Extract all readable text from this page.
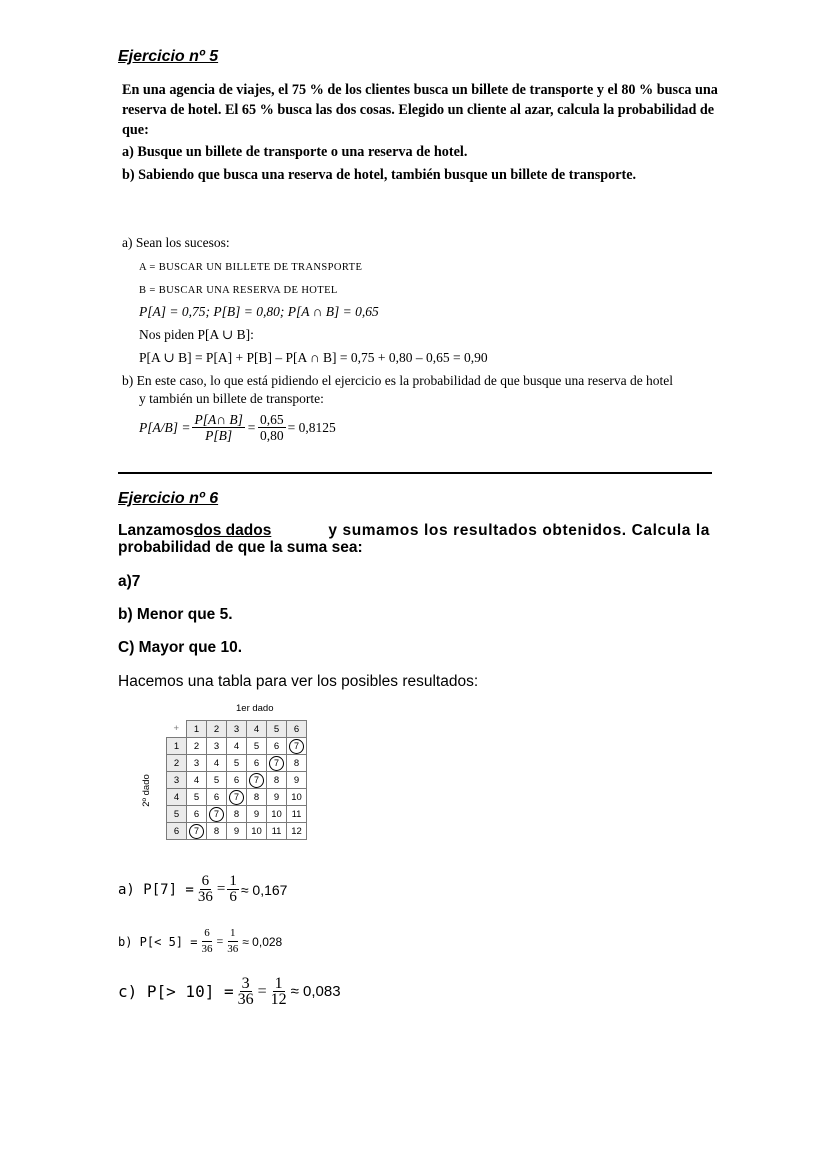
Ejercicio nº 5
En una agencia de viajes, el 75 % de los clientes busca un billete de transporte y el 80 % busca una
reserva de hotel. El 65 % busca las dos cosas. Elegido un cliente al azar, calcula la probabilidad de
que:
a) Busque un billete de transporte o una reserva de hotel.
b) Sabiendo que busca una reserva de hotel, también busque un billete de transporte.
a) Sean los sucesos:
A = BUSCAR UN BILLETE DE TRANSPORTE
B = BUSCAR UNA RESERVA DE HOTEL
P[A] = 0,75; P[B] = 0,80; P[A ∩ B] = 0,65
Nos piden P[A ∪ B]:
P[A ∪ B] = P[A] + P[B] – P[A ∩ B] = 0,75 + 0,80 – 0,65 = 0,90
b) En este caso, lo que está pidiendo el ejercicio es la probabilidad de que busque una reserva de hotel
y también un billete de transporte:
$P[A/B] = \frac{P[A\cap B]}{P[B]} = \frac{0,65}{0,80} = 0,8125$
Ejercicio nº 6
Lanzamos dos dados	y sumamos los resultados obtenidos. Calcula la
probabilidad de que la suma sea:
a)7
b) Menor que 5.
C) Mayor que 10.
Hacemos una tabla para ver los posibles resultados:
1er dado
2º dado
+	1	2	3	4	5	6
1	2	3	4	5	6	7
2	3	4	5	6	7	8
3	4	5	6	7	8	9
4	5	6	7	8	9	10
5	6	7	8	9	10	11
6	7	8	9	10	11	12
a) $P[7] = \frac{6}{36} = \frac{1}{6} \approx 0,167$
b) $P[< 5] = \frac{6}{36} = \frac{1}{36} \approx 0,028$
c) $P[> 10] = \frac{3}{36} = \frac{1}{12} \approx 0,083$
